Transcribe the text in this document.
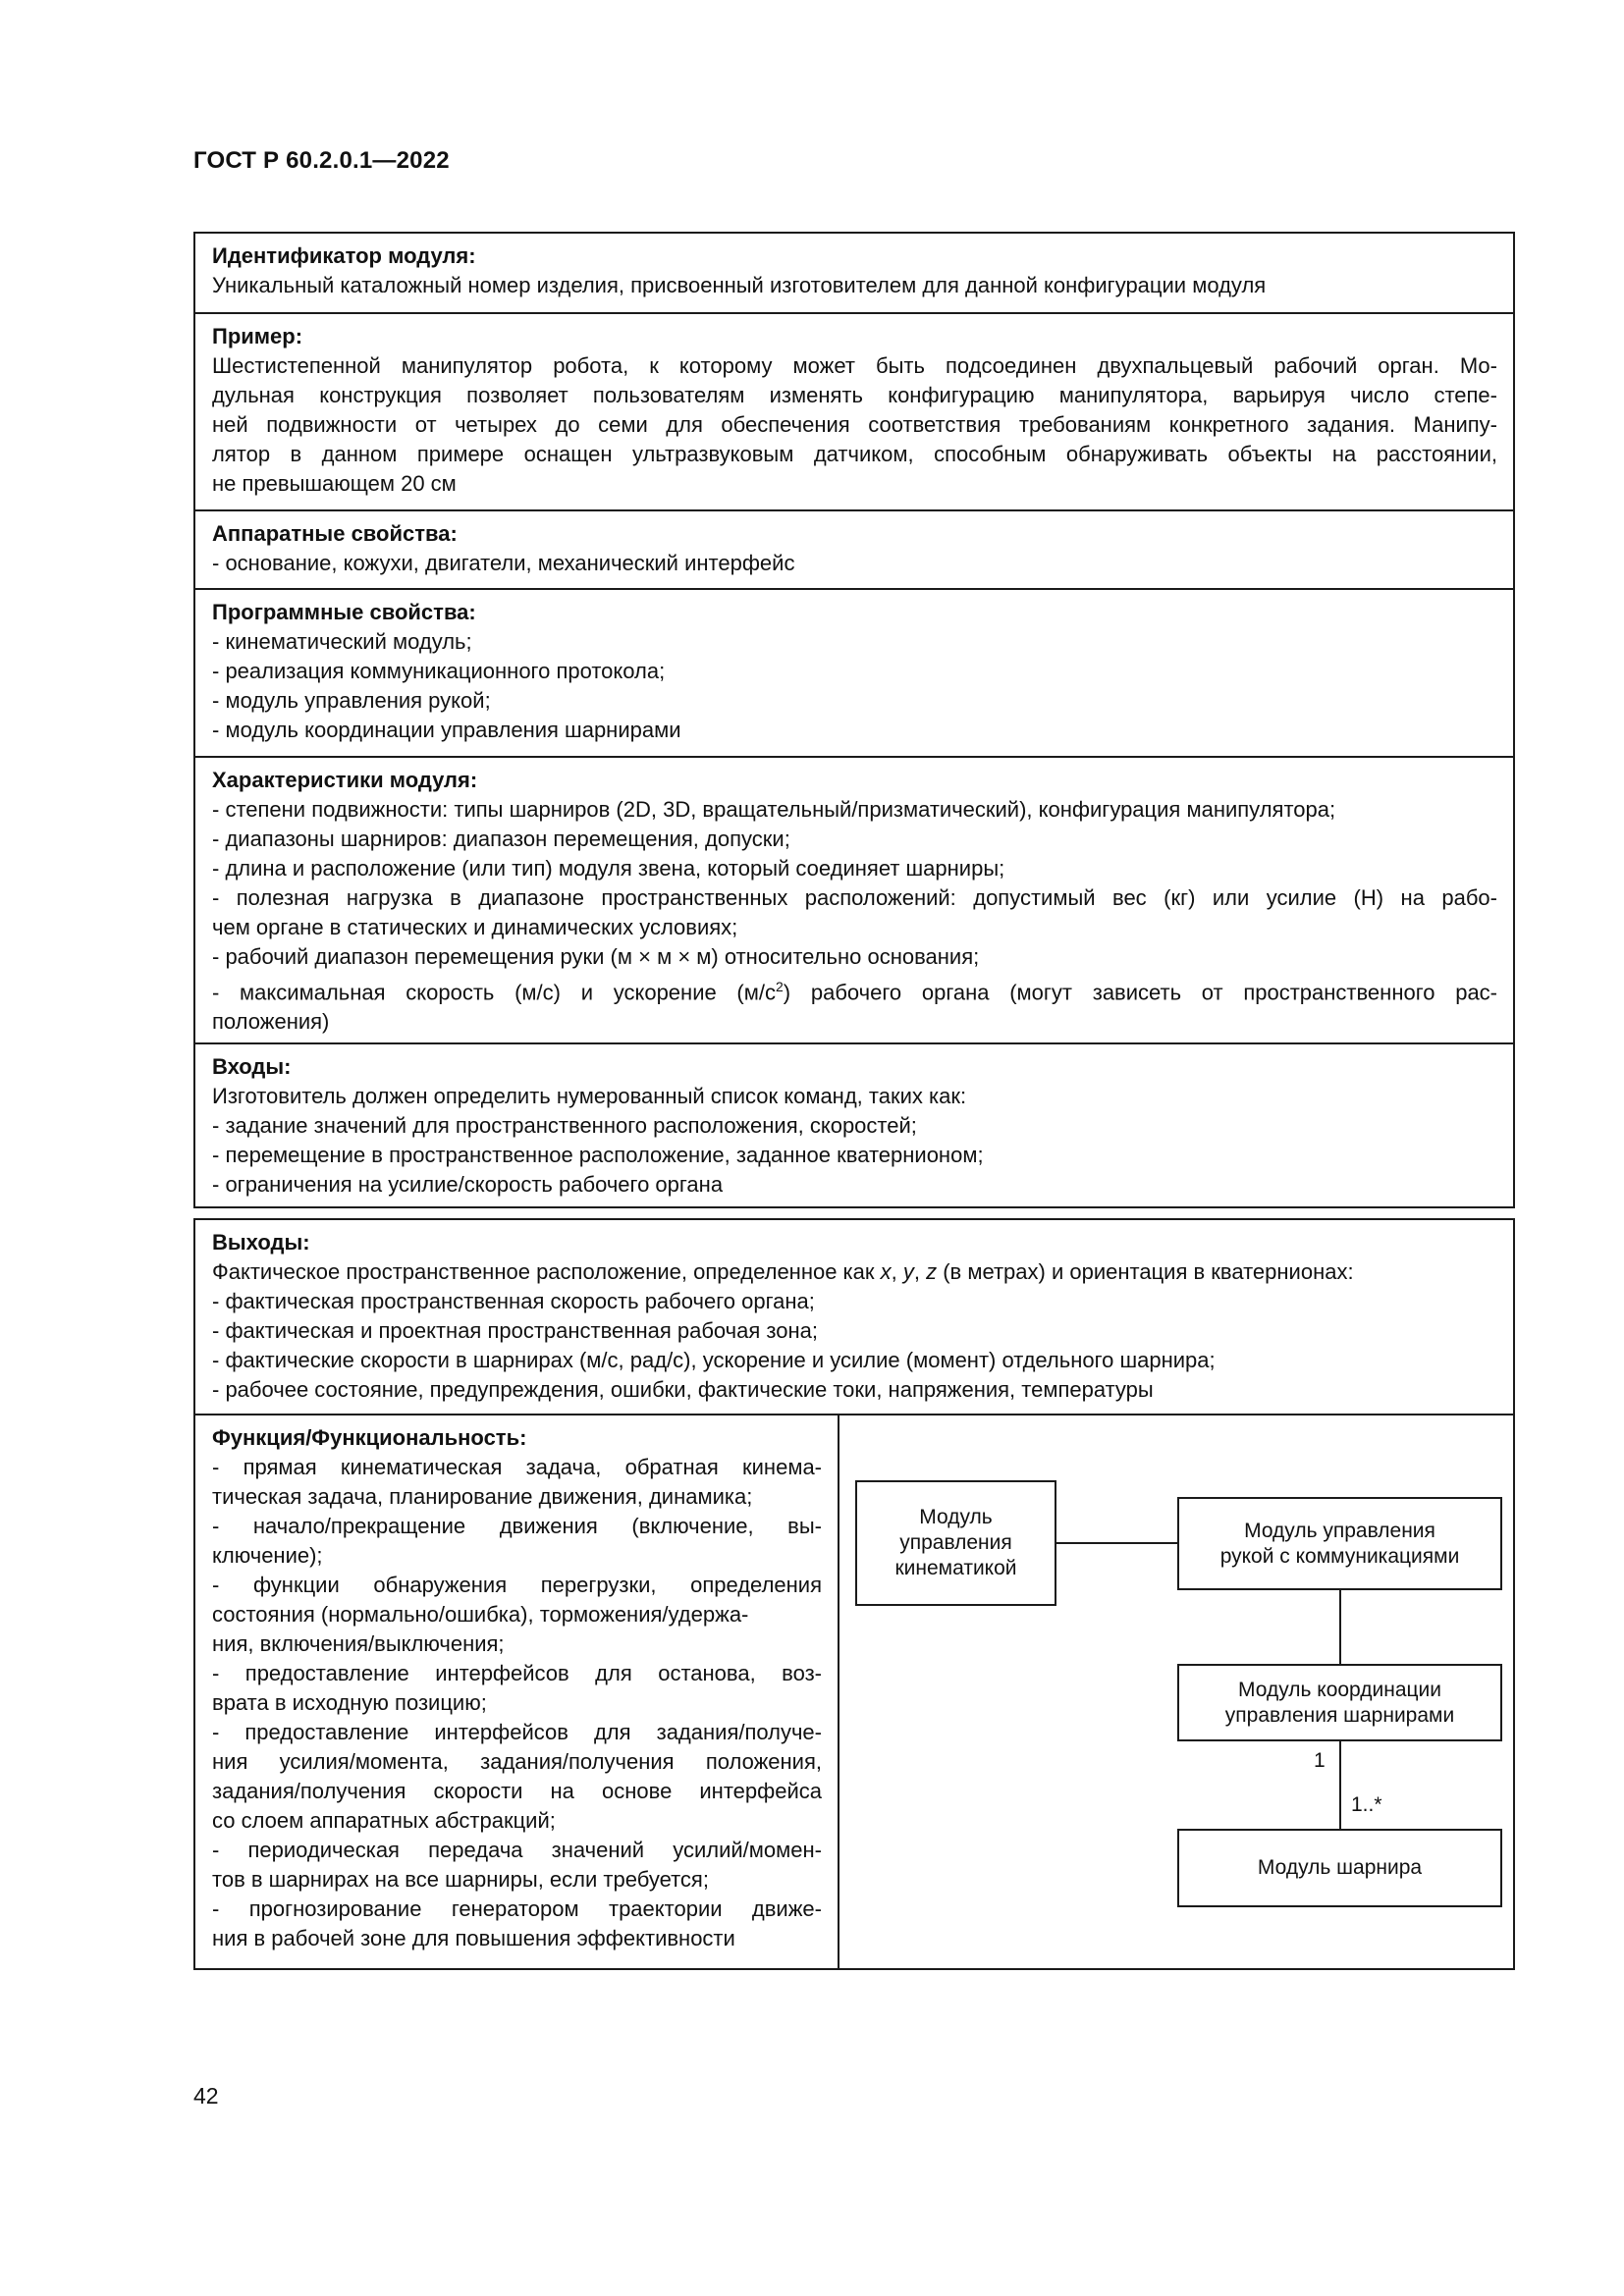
ГОСТ Р 60.2.0.1—2022
Идентификатор модуля:
Уникальный каталожный номер изделия, присвоенный изготовителем для данной конфигурации модуля
Пример:
Шестистепенной манипулятор робота, к которому может быть подсоединен двухпальцевый рабочий орган. Мо-
дульная конструкция позволяет пользователям изменять конфигурацию манипулятора, варьируя число степе-
ней подвижности от четырех до семи для обеспечения соответствия требованиям конкретного задания. Манипу-
лятор в данном примере оснащен ультразвуковым датчиком, способным обнаруживать объекты на расстоянии,
не превышающем 20 см
Аппаратные свойства:
- основание, кожухи, двигатели, механический интерфейс
Программные свойства:
- кинематический модуль;
- реализация коммуникационного протокола;
- модуль управления рукой;
- модуль координации управления шарнирами
Характеристики модуля:
- степени подвижности: типы шарниров (2D, 3D, вращательный/призматический), конфигурация манипулятора;
- диапазоны шарниров: диапазон перемещения, допуски;
- длина и расположение (или тип) модуля звена, который соединяет шарниры;
- полезная нагрузка в диапазоне пространственных расположений: допустимый вес (кг) или усилие (Н) на рабо-
чем органе в статических и динамических условиях;
- рабочий диапазон перемещения руки (м × м × м) относительно основания;
- максимальная скорость (м/с) и ускорение $(м/с^2)$ рабочего органа (могут зависеть от пространственного рас-
положения)
Входы:
Изготовитель должен определить нумерованный список команд, таких как:
- задание значений для пространственного расположения, скоростей;
- перемещение в пространственное расположение, заданное кватернионом;
- ограничения на усилие/скорость рабочего органа
Выходы:
Фактическое пространственное расположение, определенное как x, y, z (в метрах) и ориентация в кватернионах:
- фактическая пространственная скорость рабочего органа;
- фактическая и проектная пространственная рабочая зона;
- фактические скорости в шарнирах (м/с, рад/с), ускорение и усилие (момент) отдельного шарнира;
- рабочее состояние, предупреждения, ошибки, фактические токи, напряжения, температуры
Функция/Функциональность:
- прямая кинематическая задача, обратная кинема-
тическая задача, планирование движения, динамика;
- начало/прекращение движения (включение, вы-
ключение);
- функции обнаружения перегрузки, определения
состояния (нормально/ошибка), торможения/удержа-
ния, включения/выключения;
- предоставление интерфейсов для останова, воз-
врата в исходную позицию;
- предоставление интерфейсов для задания/получе-
ния усилия/момента, задания/получения положения,
задания/получения скорости на основе интерфейса
со слоем аппаратных абстракций;
- периодическая передача значений усилий/момен-
тов в шарнирах на все шарниры, если требуется;
- прогнозирование генератором траектории движе-
ния в рабочей зоне для повышения эффективности
Модуль
управления
кинематикой
Модуль управления
рукой с коммуникациями
Модуль координации
управления шарнирами
Модуль шарнира
1
1..*
42
